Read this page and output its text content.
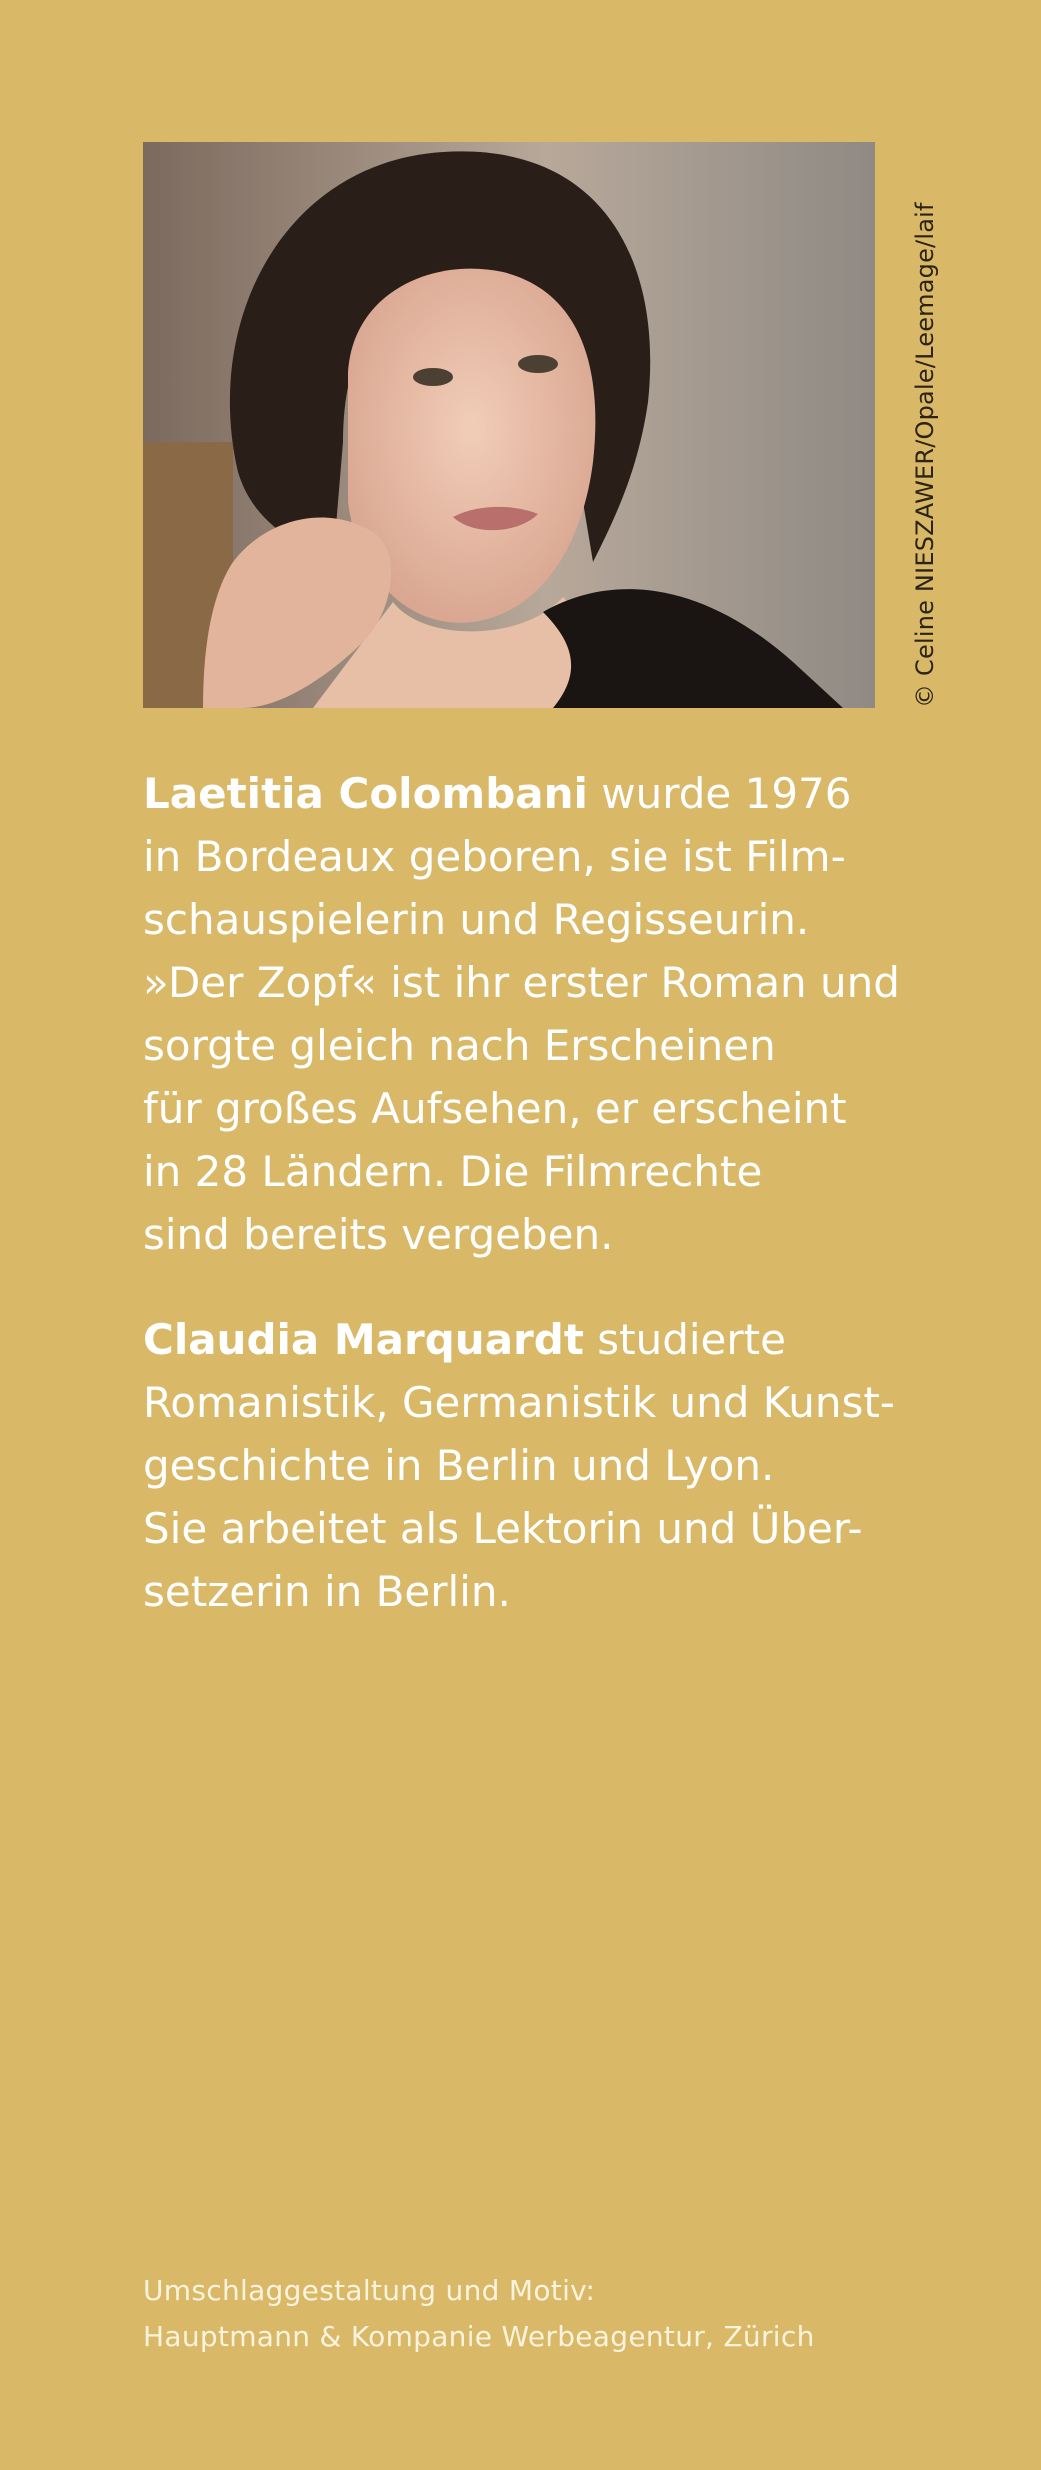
© Celine NIESZAWER/Opale/Leemage/laif

Laetitia Colombani wurde 1976
in Bordeaux geboren, sie ist Film-
schauspielerin und Regisseurin.
»Der Zopf« ist ihr erster Roman und
sorgte gleich nach Erscheinen
für großes Aufsehen, er erscheint
in 28 Ländern. Die Filmrechte
sind bereits vergeben.

Claudia Marquardt studierte
Romanistik, Germanistik und Kunst-
geschichte in Berlin und Lyon.
Sie arbeitet als Lektorin und Über-
setzerin in Berlin.

Umschlaggestaltung und Motiv:
Hauptmann & Kompanie Werbeagentur, Zürich
